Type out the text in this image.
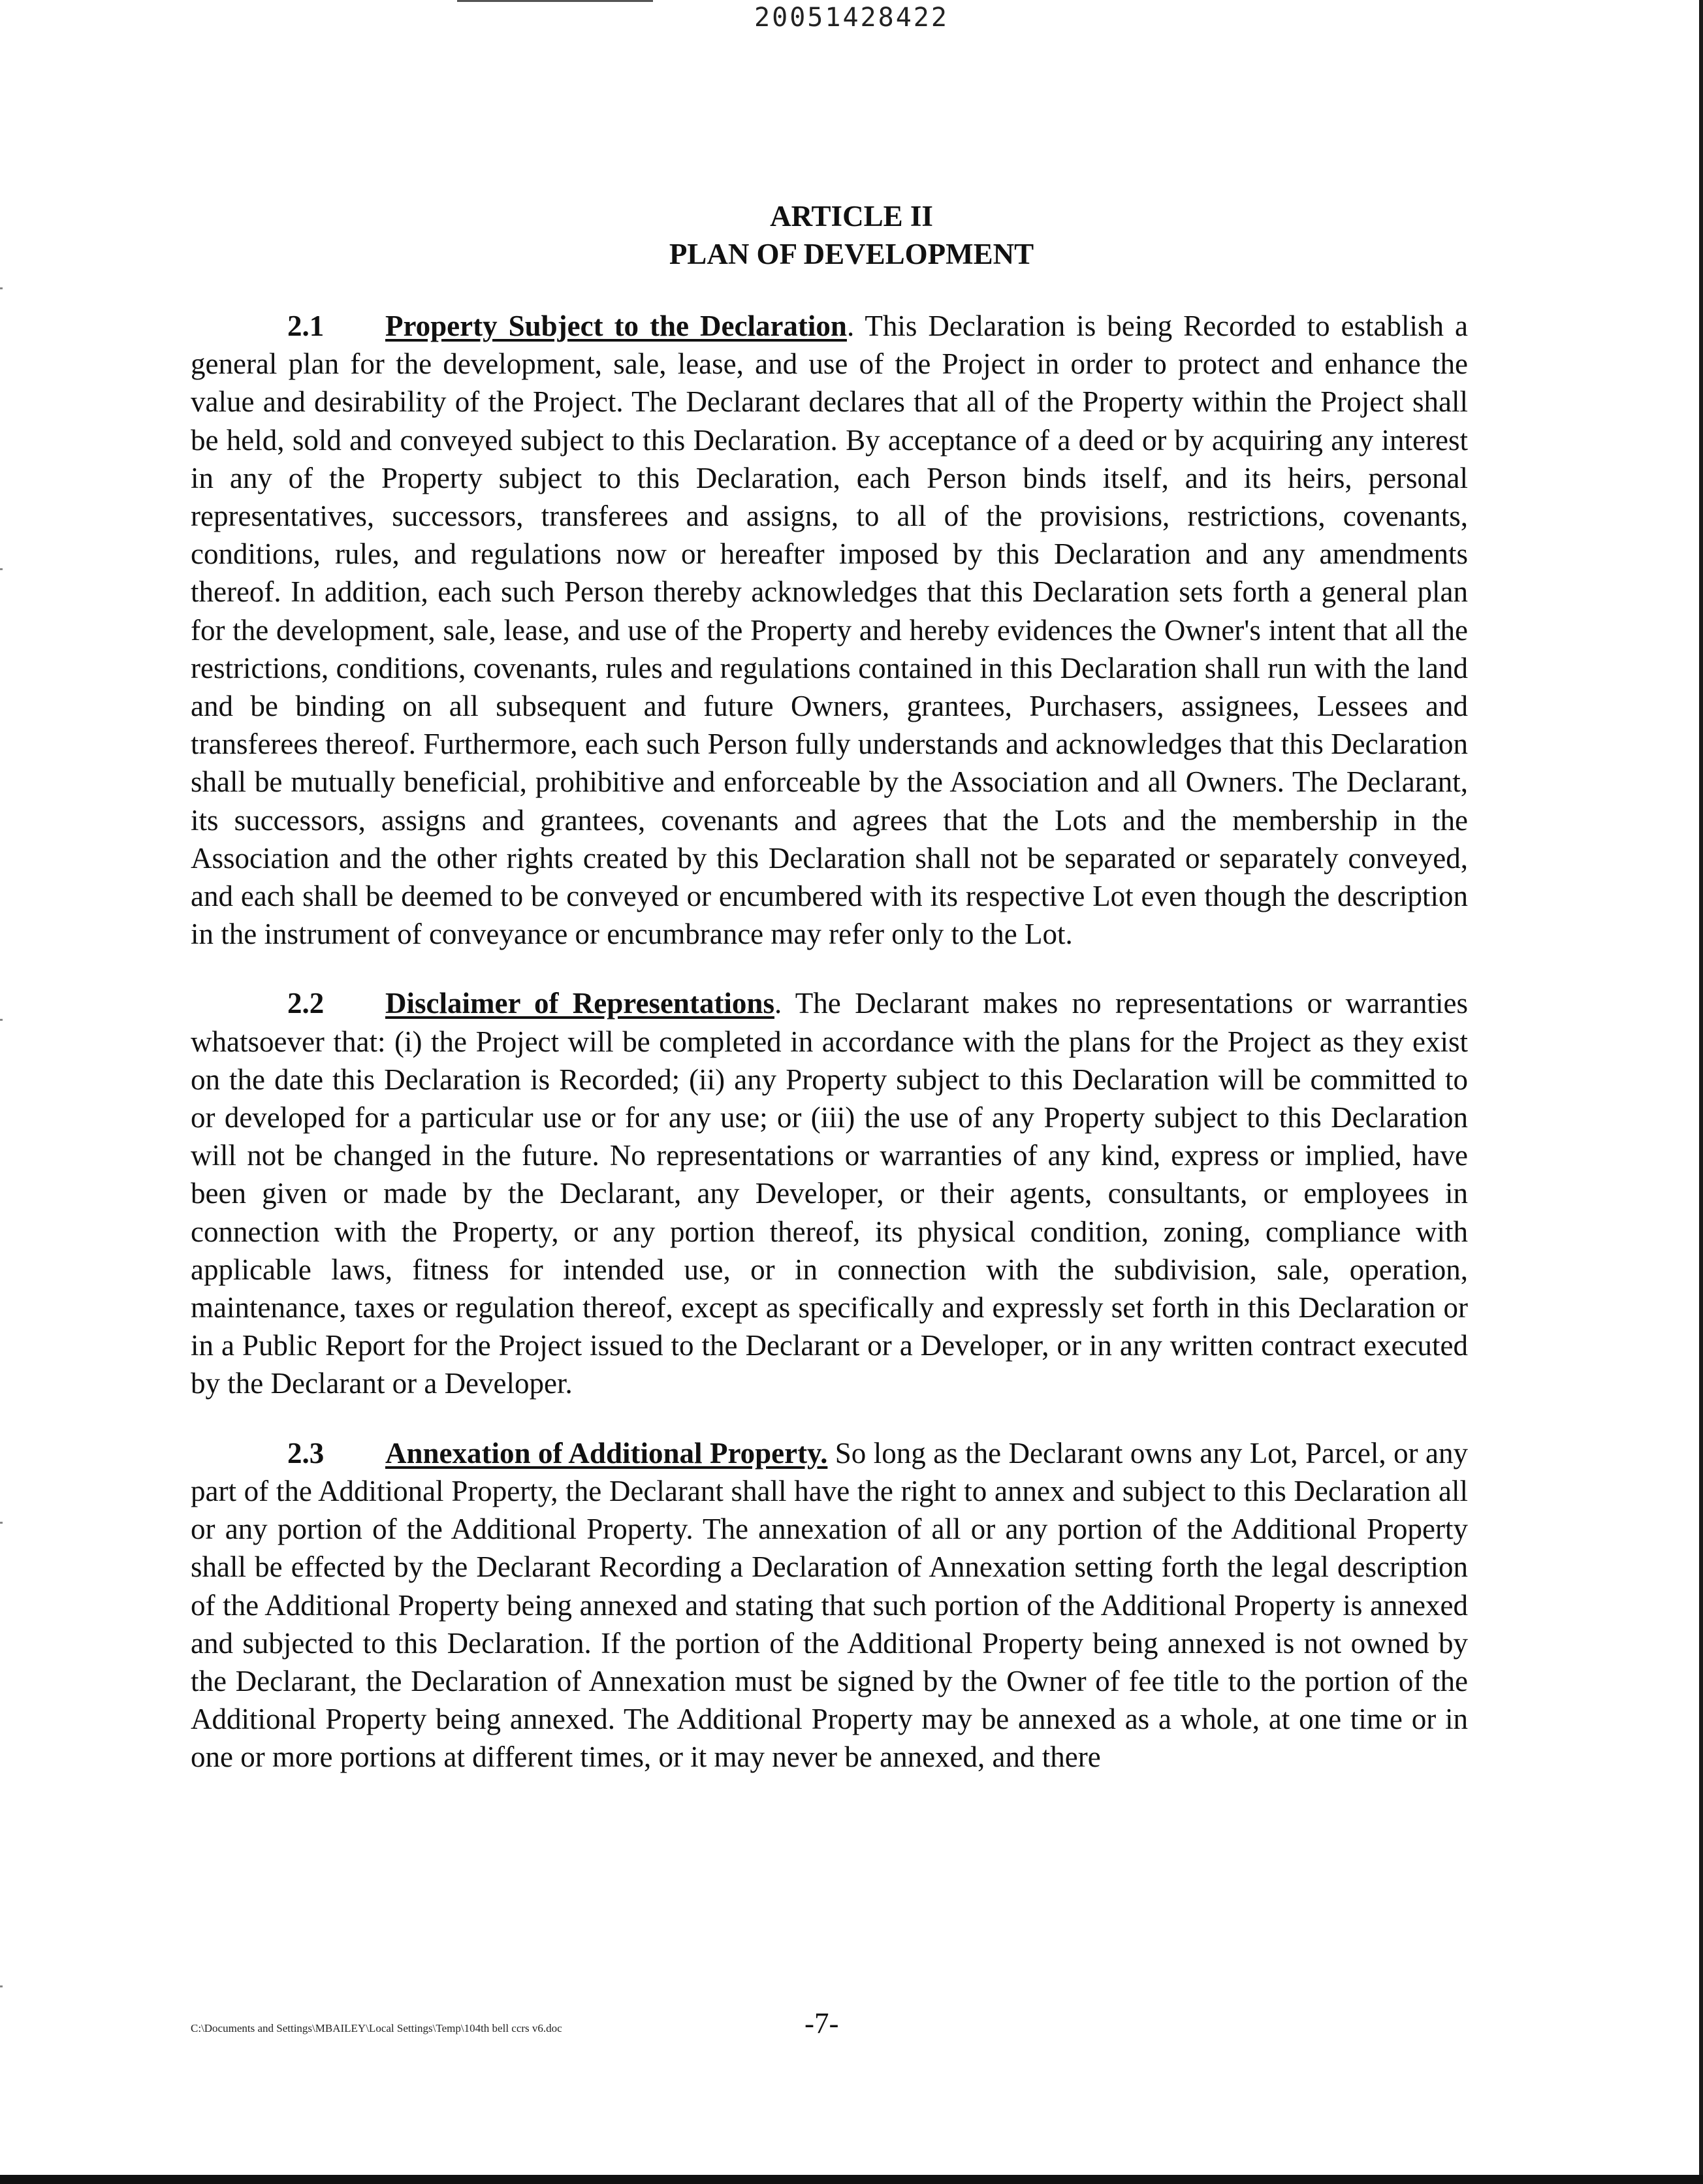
20051428422
ARTICLE II
PLAN OF DEVELOPMENT

2.1 Property Subject to the Declaration. This Declaration is being Recorded to establish a general plan for the development, sale, lease, and use of the Project in order to protect and enhance the value and desirability of the Project. The Declarant declares that all of the Property within the Project shall be held, sold and conveyed subject to this Declaration. By acceptance of a deed or by acquiring any interest in any of the Property subject to this Declaration, each Person binds itself, and its heirs, personal representatives, successors, transferees and assigns, to all of the provisions, restrictions, covenants, conditions, rules, and regulations now or hereafter imposed by this Declaration and any amendments thereof. In addition, each such Person thereby acknowledges that this Declaration sets forth a general plan for the development, sale, lease, and use of the Property and hereby evidences the Owner's intent that all the restrictions, conditions, covenants, rules and regulations contained in this Declaration shall run with the land and be binding on all subsequent and future Owners, grantees, Purchasers, assignees, Lessees and transferees thereof. Furthermore, each such Person fully understands and acknowledges that this Declaration shall be mutually beneficial, prohibitive and enforceable by the Association and all Owners. The Declarant, its successors, assigns and grantees, covenants and agrees that the Lots and the membership in the Association and the other rights created by this Declaration shall not be separated or separately conveyed, and each shall be deemed to be conveyed or encumbered with its respective Lot even though the description in the instrument of conveyance or encumbrance may refer only to the Lot.

2.2 Disclaimer of Representations. The Declarant makes no representations or warranties whatsoever that: (i) the Project will be completed in accordance with the plans for the Project as they exist on the date this Declaration is Recorded; (ii) any Property subject to this Declaration will be committed to or developed for a particular use or for any use; or (iii) the use of any Property subject to this Declaration will not be changed in the future. No representations or warranties of any kind, express or implied, have been given or made by the Declarant, any Developer, or their agents, consultants, or employees in connection with the Property, or any portion thereof, its physical condition, zoning, compliance with applicable laws, fitness for intended use, or in connection with the subdivision, sale, operation, maintenance, taxes or regulation thereof, except as specifically and expressly set forth in this Declaration or in a Public Report for the Project issued to the Declarant or a Developer, or in any written contract executed by the Declarant or a Developer.

2.3 Annexation of Additional Property. So long as the Declarant owns any Lot, Parcel, or any part of the Additional Property, the Declarant shall have the right to annex and subject to this Declaration all or any portion of the Additional Property. The annexation of all or any portion of the Additional Property shall be effected by the Declarant Recording a Declaration of Annexation setting forth the legal description of the Additional Property being annexed and stating that such portion of the Additional Property is annexed and subjected to this Declaration. If the portion of the Additional Property being annexed is not owned by the Declarant, the Declaration of Annexation must be signed by the Owner of fee title to the portion of the Additional Property being annexed. The Additional Property may be annexed as a whole, at one time or in one or more portions at different times, or it may never be annexed, and there

C:\Documents and Settings\MBAILEY\Local Settings\Temp\104th bell ccrs v6.doc	-7-
